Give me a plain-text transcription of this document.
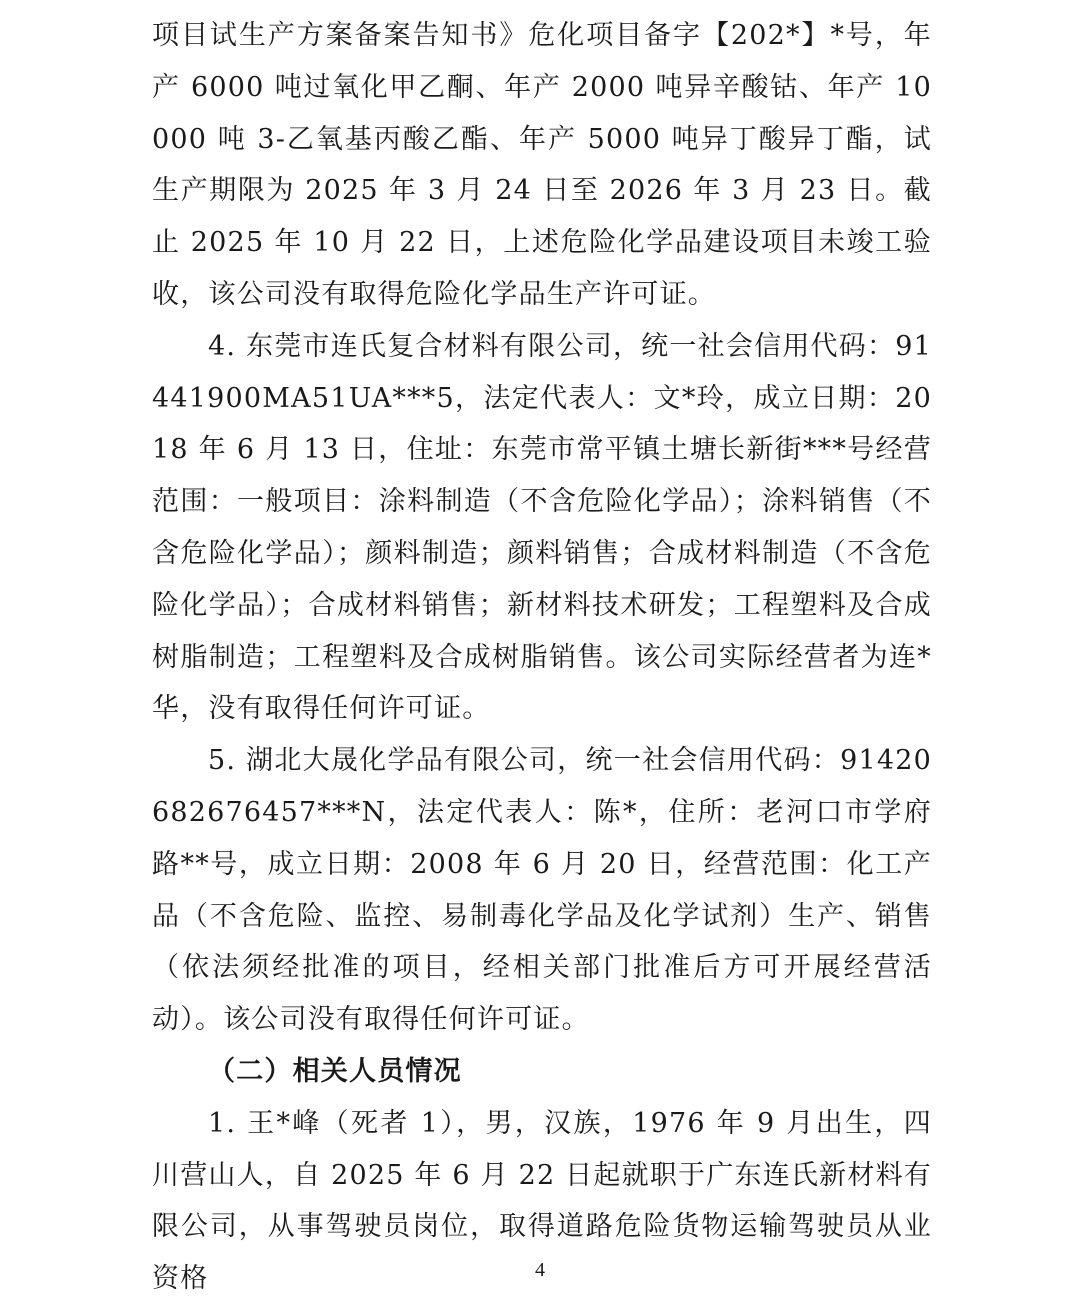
项目试生产方案备案告知书》危化项目备字【202*】*号，年产 6000 吨过氧化甲乙酮、年产 2000 吨异辛酸钴、年产 10000 吨 3-乙氧基丙酸乙酯、年产 5000 吨异丁酸异丁酯，试生产期限为 2025 年 3 月 24 日至 2026 年 3 月 23 日。截止 2025 年 10 月 22 日，上述危险化学品建设项目未竣工验收，该公司没有取得危险化学品生产许可证。

4. 东莞市连氏复合材料有限公司，统一社会信用代码：91441900MA51UA***5，法定代表人：文*玲，成立日期：2018 年 6 月 13 日，住址：东莞市常平镇土塘长新街***号经营范围：一般项目：涂料制造（不含危险化学品）；涂料销售（不含危险化学品）；颜料制造；颜料销售；合成材料制造（不含危险化学品）；合成材料销售；新材料技术研发；工程塑料及合成树脂制造；工程塑料及合成树脂销售。该公司实际经营者为连*华，没有取得任何许可证。

5. 湖北大晟化学品有限公司，统一社会信用代码：91420682676457***N，法定代表人：陈*，住所：老河口市学府路**号，成立日期：2008 年 6 月 20 日，经营范围：化工产品（不含危险、监控、易制毒化学品及化学试剂）生产、销售（依法须经批准的项目，经相关部门批准后方可开展经营活动）。该公司没有取得任何许可证。

（二）相关人员情况

1. 王*峰（死者 1），男，汉族，1976 年 9 月出生，四川营山人，自 2025 年 6 月 22 日起就职于广东连氏新材料有限公司，从事驾驶员岗位，取得道路危险货物运输驾驶员从业资格	4
